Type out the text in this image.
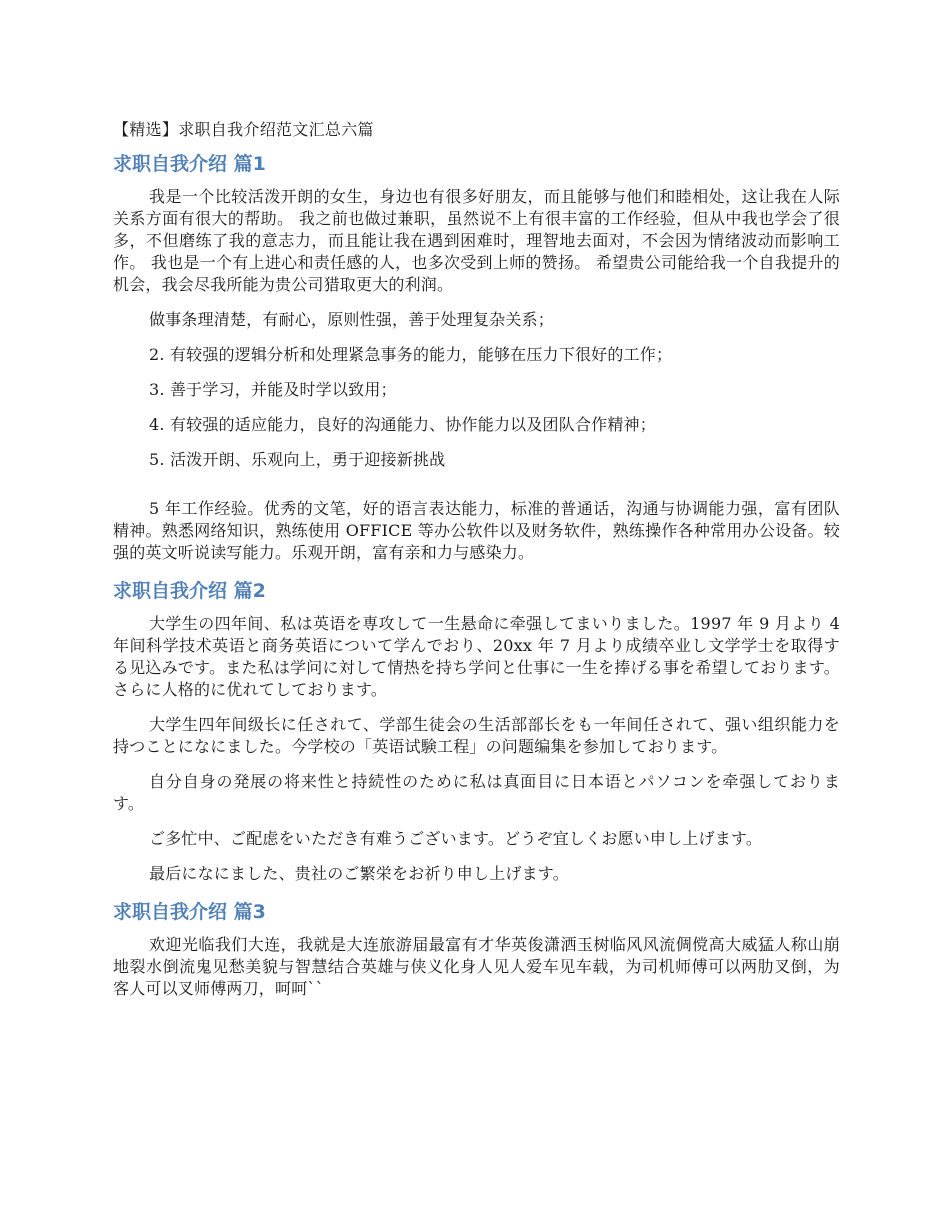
【精选】求职自我介绍范文汇总六篇
求职自我介绍 篇1

我是一个比较活泼开朗的女生，身边也有很多好朋友，而且能够与他们和睦相处，这让我在人际关系方面有很大的帮助。 我之前也做过兼职，虽然说不上有很丰富的工作经验，但从中我也学会了很多，不但磨练了我的意志力，而且能让我在遇到困难时，理智地去面对，不会因为情绪波动而影响工作。 我也是一个有上进心和责任感的人，也多次受到上师的赞扬。 希望贵公司能给我一个自我提升的机会，我会尽我所能为贵公司猎取更大的利润。

做事条理清楚，有耐心，原则性强，善于处理复杂关系；

2. 有较强的逻辑分析和处理紧急事务的能力，能够在压力下很好的工作；

3. 善于学习，并能及时学以致用；

4. 有较强的适应能力，良好的沟通能力、协作能力以及团队合作精神；

5. 活泼开朗、乐观向上，勇于迎接新挑战

5 年工作经验。优秀的文笔，好的语言表达能力，标准的普通话，沟通与协调能力强，富有团队精神。熟悉网络知识，熟练使用 OFFICE 等办公软件以及财务软件，熟练操作各种常用办公设备。较强的英文听说读写能力。乐观开朗，富有亲和力与感染力。

求职自我介绍 篇2

大学生の四年间、私は英语を専攻して一生悬命に牵强してまいりました。1997 年 9 月より 4 年间科学技术英语と商务英语について学んでおり、20xx 年 7 月より成绩卒业し文学学士を取得する见込みです。また私は学问に対して情热を持ち学问と仕事に一生を捧げる事を希望しております。さらに人格的に优れてしております。

大学生四年间级长に任されて、学部生徒会の生活部部长をも一年间任されて、强い组织能力を持つことになにました。今学校の「英语试験工程」の问题编集を参加しております。

自分自身の発展の将来性と持続性のために私は真面目に日本语とパソコンを牵强しております。

ご多忙中、ご配虑をいただき有难うございます。どうぞ宜しくお愿い申し上げます。

最后になにました、贵社のご繁栄をお祈り申し上げます。

求职自我介绍 篇3

欢迎光临我们大连，我就是大连旅游届最富有才华英俊潇洒玉树临风风流倜傥高大威猛人称山崩地裂水倒流鬼见愁美貌与智慧结合英雄与侠义化身人见人爱车见车载，为司机师傅可以两肋叉倒，为客人可以叉师傅两刀，呵呵``
